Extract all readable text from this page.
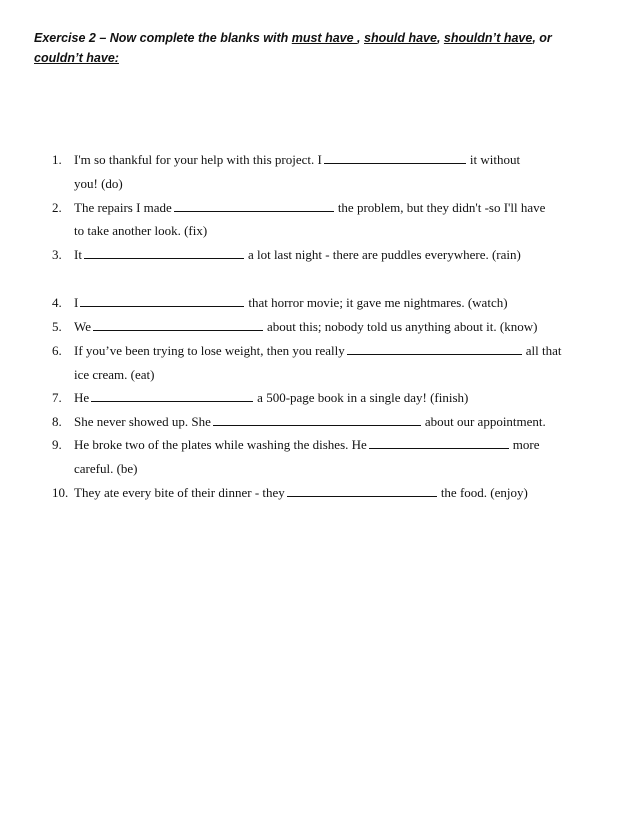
Exercise 2 – Now complete the blanks with must have , should have, shouldn’t have, or couldn’t have:
1. I'm so thankful for your help with this project. I	it without
you! (do)
2. The repairs I made	the problem, but they didn't -so I'll have
to take another look. (fix)
3. It	a lot last night - there are puddles everywhere. (rain)
4. I	that horror movie; it gave me nightmares. (watch)
5. We	about this; nobody told us anything about it. (know)
6. If you’ve been trying to lose weight, then you really	all that
ice cream. (eat)
7. He	a 500-page book in a single day! (finish)
8. She never showed up. She	about our appointment.
9. He broke two of the plates while washing the dishes. He	more
careful. (be)
10. They ate every bite of their dinner - they	the food. (enjoy)
